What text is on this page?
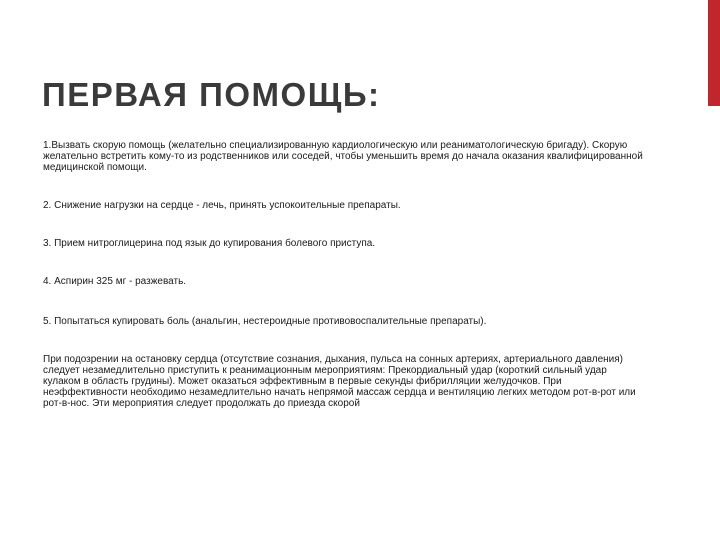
ПЕРВАЯ ПОМОЩЬ:

1.Вызвать скорую помощь (желательно специализированную кардиологическую или реаниматологическую бригаду). Скорую желательно встретить кому-то из родственников или соседей, чтобы уменьшить время до начала оказания квалифицированной медицинской помощи.

2. Снижение нагрузки на сердце - лечь, принять успокоительные препараты.

3. Прием нитроглицерина под язык до купирования болевого приступа.

4. Аспирин 325 мг - разжевать.

5. Попытаться купировать боль (анальгин, нестероидные противовоспалительные препараты).

При подозрении на остановку сердца (отсутствие сознания, дыхания, пульса на сонных артериях, артериального давления) следует незамедлительно приступить к реанимационным мероприятиям: Прекордиальный удар (короткий сильный удар кулаком в область грудины). Может оказаться эффективным в первые секунды фибрилляции желудочков. При неэффективности необходимо незамедлительно начать непрямой массаж сердца и вентиляцию легких методом рот-в-рот или рот-в-нос. Эти мероприятия следует продолжать до приезда скорой
